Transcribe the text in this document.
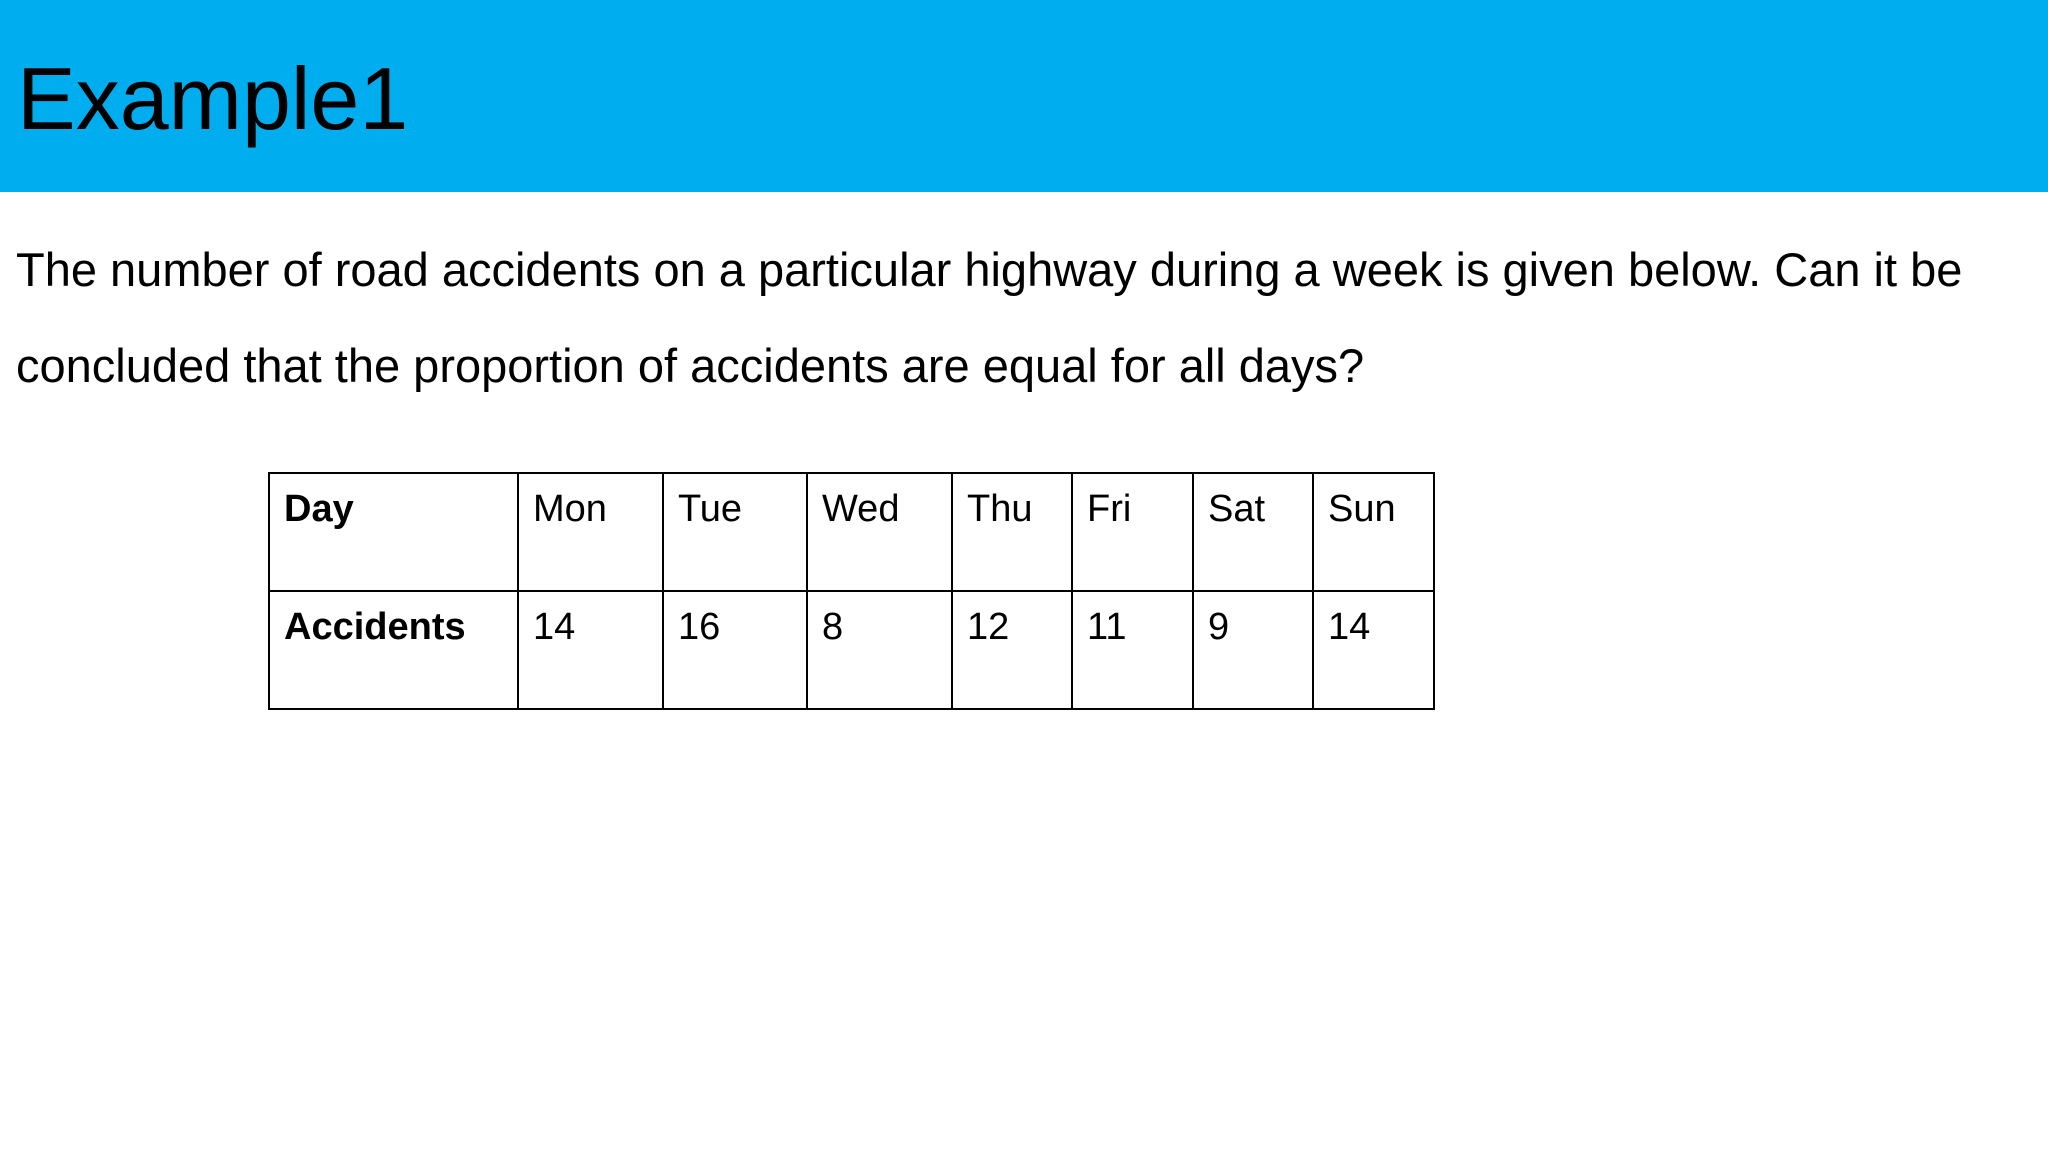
Example1

The number of road accidents on a particular highway during a week is given below. Can it be

concluded that the proportion of accidents are equal for all days?

Day	Mon	Tue	Wed	Thu	Fri	Sat	Sun
Accidents	14	16	8	12	11	9	14
